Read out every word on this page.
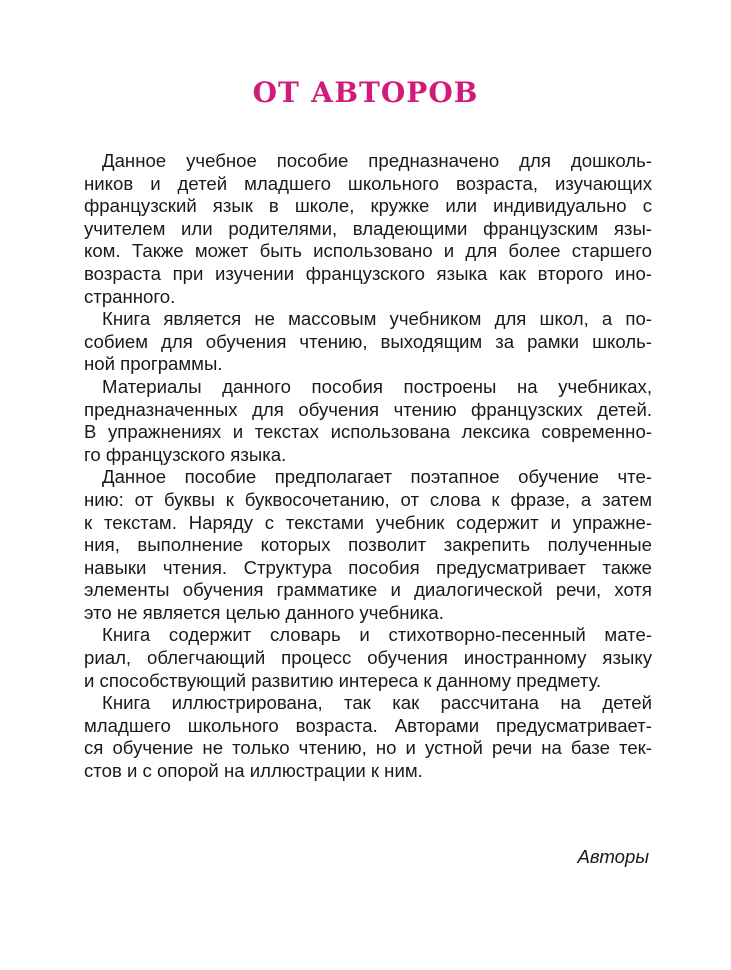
ОТ АВТОРОВ

Данное учебное пособие предназначено для дошколь-
ников и детей младшего школьного возраста, изучающих
французский язык в школе, кружке или индивидуально с
учителем или родителями, владеющими французским язы-
ком. Также может быть использовано и для более старшего
возраста при изучении французского языка как второго ино-
странного.

Книга является не массовым учебником для школ, а по-
собием для обучения чтению, выходящим за рамки школь-
ной программы.

Материалы данного пособия построены на учебниках,
предназначенных для обучения чтению французских детей.
В упражнениях и текстах использована лексика современно-
го французского языка.

Данное пособие предполагает поэтапное обучение чте-
нию: от буквы к буквосочетанию, от слова к фразе, а затем
к текстам. Наряду с текстами учебник содержит и упражне-
ния, выполнение которых позволит закрепить полученные
навыки чтения. Структура пособия предусматривает также
элементы обучения грамматике и диалогической речи, хотя
это не является целью данного учебника.

Книга содержит словарь и стихотворно-песенный мате-
риал, облегчающий процесс обучения иностранному языку
и способствующий развитию интереса к данному предмету.

Книга иллюстрирована, так как рассчитана на детей
младшего школьного возраста. Авторами предусматривает-
ся обучение не только чтению, но и устной речи на базе тек-
стов и с опорой на иллюстрации к ним.

Авторы
